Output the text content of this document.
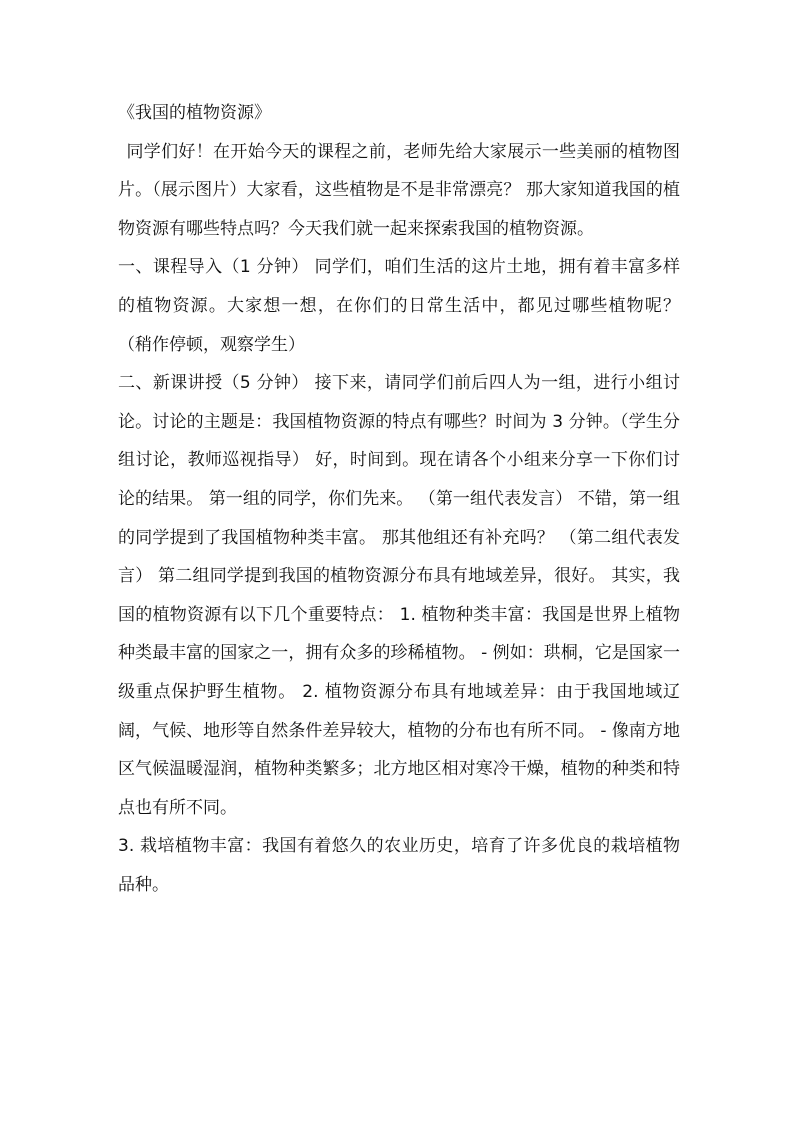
《我国的植物资源》

同学们好！在开始今天的课程之前，老师先给大家展示一些美丽的植物图片。（展示图片）大家看，这些植物是不是非常漂亮？ 那大家知道我国的植物资源有哪些特点吗？今天我们就一起来探索我国的植物资源。

一、课程导入（1 分钟） 同学们，咱们生活的这片土地，拥有着丰富多样的植物资源。大家想一想，在你们的日常生活中，都见过哪些植物呢？ （稍作停顿，观察学生）

二、新课讲授（5 分钟） 接下来，请同学们前后四人为一组，进行小组讨论。讨论的主题是：我国植物资源的特点有哪些？时间为 3 分钟。（学生分组讨论，教师巡视指导） 好，时间到。现在请各个小组来分享一下你们讨论的结果。 第一组的同学，你们先来。 （第一组代表发言） 不错，第一组的同学提到了我国植物种类丰富。 那其他组还有补充吗？ （第二组代表发言） 第二组同学提到我国的植物资源分布具有地域差异，很好。 其实，我国的植物资源有以下几个重要特点： 1. 植物种类丰富：我国是世界上植物种类最丰富的国家之一，拥有众多的珍稀植物。 - 例如：珙桐，它是国家一级重点保护野生植物。 2. 植物资源分布具有地域差异：由于我国地域辽阔，气候、地形等自然条件差异较大，植物的分布也有所不同。 - 像南方地区气候温暖湿润，植物种类繁多；北方地区相对寒冷干燥，植物的种类和特点也有所不同。

3. 栽培植物丰富：我国有着悠久的农业历史，培育了许多优良的栽培植物品种。
